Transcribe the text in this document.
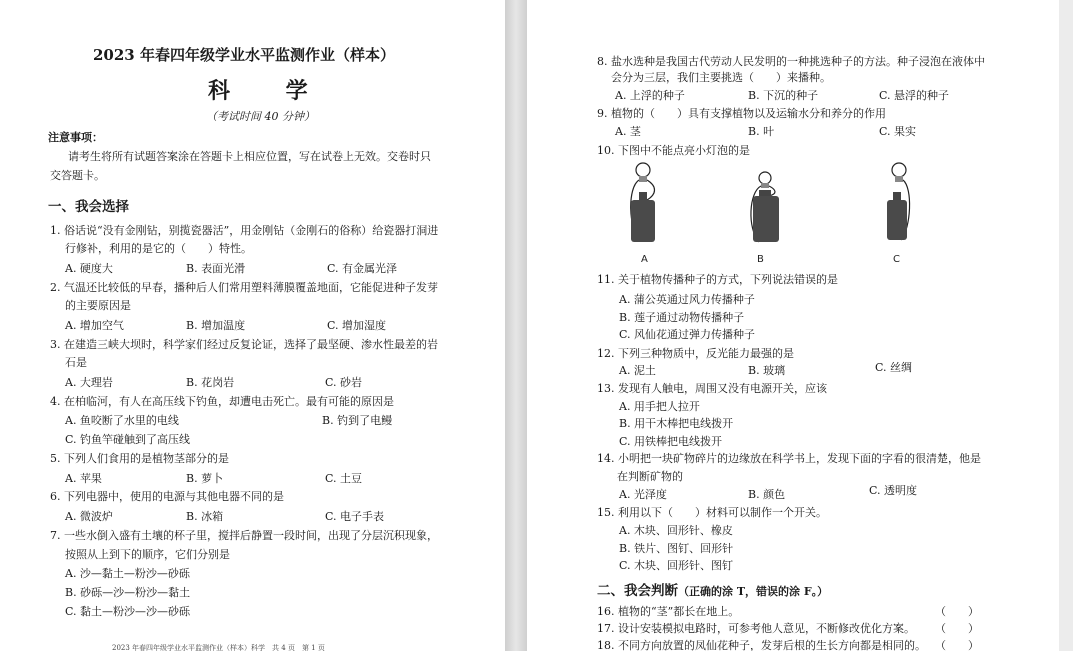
2023 年春四年级学业水平监测作业（样本）
科 学
（考试时间 40 分钟）
注意事项：
请考生将所有试题答案涂在答题卡上相应位置，写在试卷上无效。交卷时只
交答题卡。
一、我会选择
1. 俗话说“没有金刚钻，别揽瓷器活”，用金刚钻（金刚石的俗称）给瓷器打洞进
行修补，利用的是它的（　　）特性。
A. 硬度大	B. 表面光滑	C. 有金属光泽
2. 气温还比较低的早春，播种后人们常用塑料薄膜覆盖地面，它能促进种子发芽
的主要原因是
A. 增加空气	B. 增加温度	C. 增加湿度
3. 在建造三峡大坝时，科学家们经过反复论证，选择了最坚硬、渗水性最差的岩
石是
A. 大理岩	B. 花岗岩	C. 砂岩
4. 在柏临河，有人在高压线下钓鱼，却遭电击死亡。最有可能的原因是
A. 鱼咬断了水里的电线	B. 钓到了电鳗
C. 钓鱼竿碰触到了高压线
5. 下列人们食用的是植物茎部分的是
A. 苹果	B. 萝卜	C. 土豆
6. 下列电器中，使用的电源与其他电器不同的是
A. 微波炉	B. 冰箱	C. 电子手表
7. 一些水倒入盛有土壤的杯子里，搅拌后静置一段时间，出现了分层沉积现象，
按照从上到下的顺序，它们分别是
A. 沙—黏土—粉沙—砂砾
B. 砂砾—沙—粉沙—黏土
C. 黏土—粉沙—沙—砂砾
2023 年春四年级学业水平监测作业（样本）科学　共 4 页　第 1 页
8. 盐水选种是我国古代劳动人民发明的一种挑选种子的方法。种子浸泡在液体中
会分为三层，我们主要挑选（　　）来播种。
A. 上浮的种子	B. 下沉的种子	C. 悬浮的种子
9. 植物的（　　）具有支撑植物以及运输水分和养分的作用
A. 茎	B. 叶	C. 果实
10. 下图中不能点亮小灯泡的是
A	B	C
11. 关于植物传播种子的方式，下列说法错误的是
A. 蒲公英通过风力传播种子
B. 莲子通过动物传播种子
C. 风仙花通过弹力传播种子
12. 下列三种物质中，反光能力最强的是
A. 泥土	B. 玻璃	C. 丝绸
13. 发现有人触电，周围又没有电源开关，应该
A. 用手把人拉开
B. 用干木棒把电线拨开
C. 用铁棒把电线拨开
14. 小明把一块矿物碎片的边缘放在科学书上，发现下面的字看的很清楚，他是
在判断矿物的
A. 光泽度	B. 颜色	C. 透明度
15. 利用以下（　　）材料可以制作一个开关。
A. 木块、回形针、橡皮
B. 铁片、图钉、回形针
C. 木块、回形针、图钉
二、我会判断（正确的涂 T，错误的涂 F。）
16. 植物的“茎”都长在地上。	（　　）
17. 设计安装模拟电路时，可参考他人意见，不断修改优化方案。 （　　）
18. 不同方向放置的凤仙花种子，发芽后根的生长方向都是相同的。 （　　）
